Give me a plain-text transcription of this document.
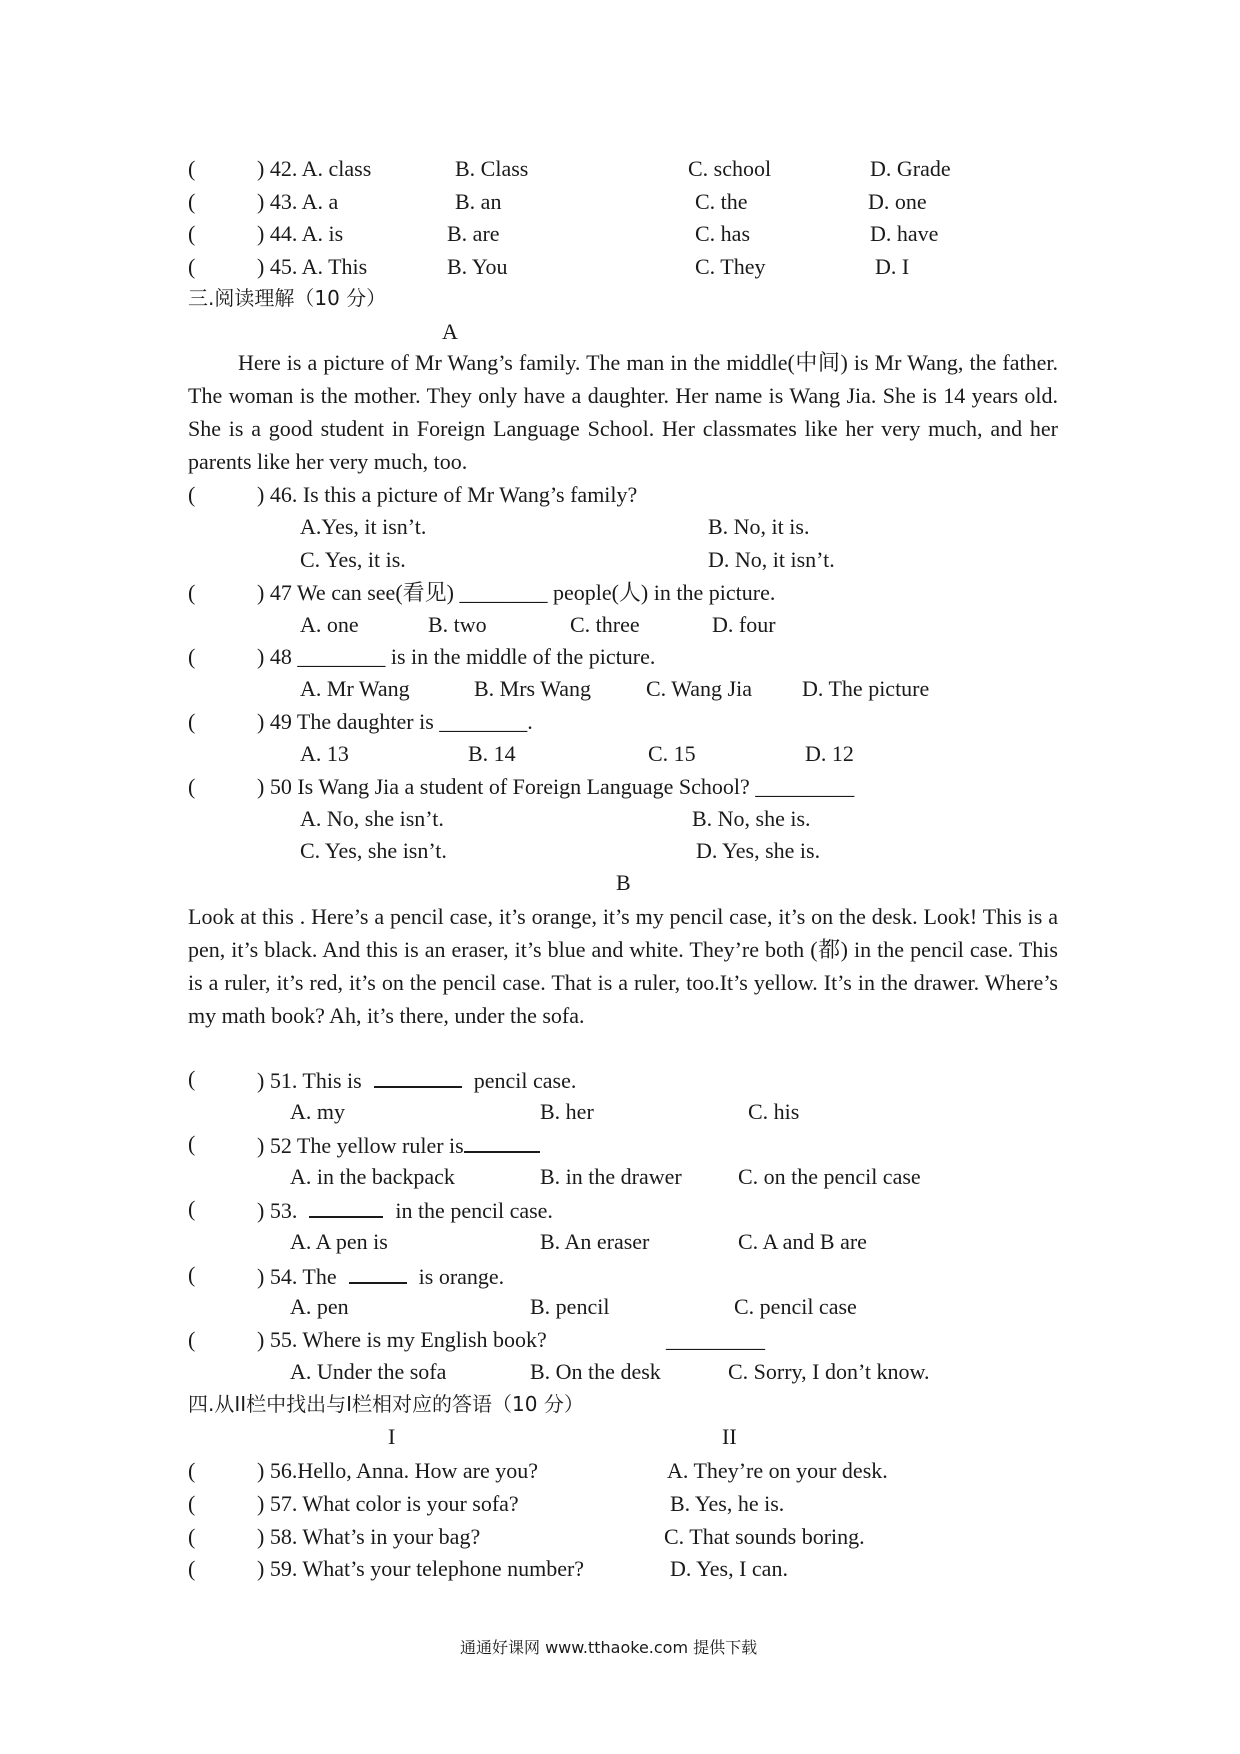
(	) 42. A. class	B. Class	C. school	D. Grade
(	) 43. A. a	B. an	C. the	D. one
(	) 44. A. is	B. are	C. has	D. have
(	) 45. A. This	B. You	C. They	D. I
三.阅读理解（10 分）
A
Here is a picture of Mr Wang’s family. The man in the middle(中间) is Mr Wang, the father. The woman is the mother. They only have a daughter. Her name is Wang Jia. She is 14 years old. She is a good student in Foreign Language School. Her classmates like her very much, and her parents like her very much, too.
(	) 46. Is this a picture of Mr Wang’s family?
A.Yes, it isn’t.	B. No, it is.
C. Yes, it is.	D. No, it isn’t.
(	) 47 We can see(看见) ________ people(人) in the picture.
A. one	B. two	C. three	D. four
(	) 48 ________ is in the middle of the picture.
A. Mr Wang	B. Mrs Wang	C. Wang Jia D. The picture
(	) 49 The daughter is ________.
A. 13	B. 14	C. 15	D. 12
(	) 50 Is Wang Jia a student of Foreign Language School? _________
A. No, she isn’t.	B. No, she is.
C. Yes, she isn’t.	D. Yes, she is.
B
Look at this . Here’s a pencil case, it’s orange, it’s my pencil case, it’s on the desk. Look! This is a pen, it’s black. And this is an eraser, it’s blue and white. They’re both (都) in the pencil case. This is a ruler, it’s red, it’s on the pencil case. That is a ruler, too.It’s yellow. It’s in the drawer. Where’s my math book? Ah, it’s there, under the sofa.
(	) 51. This is	pencil case.
A. my	B. her	C. his
(	) 52 The yellow ruler is
A. in the backpack	B. in the drawer	C. on the pencil case
(	) 53.	in the pencil case.
A. A pen is	B. An eraser	C. A and B are
(	) 54. The	is orange.
A. pen	B. pencil	C. pencil case
(	) 55. Where is my English book?	_________
A. Under the sofa	B. On the desk	C. Sorry, I don’t know.
四.从II栏中找出与I栏相对应的答语（10 分）
I	II
(	) 56.Hello, Anna. How are you?	A. They’re on your desk.
(	) 57. What color is your sofa?	B. Yes, he is.
(	) 58. What’s in your bag?	C. That sounds boring.
(	) 59. What’s your telephone number?	D. Yes, I can.
通通好课网 www.tthaoke.com 提供下载
